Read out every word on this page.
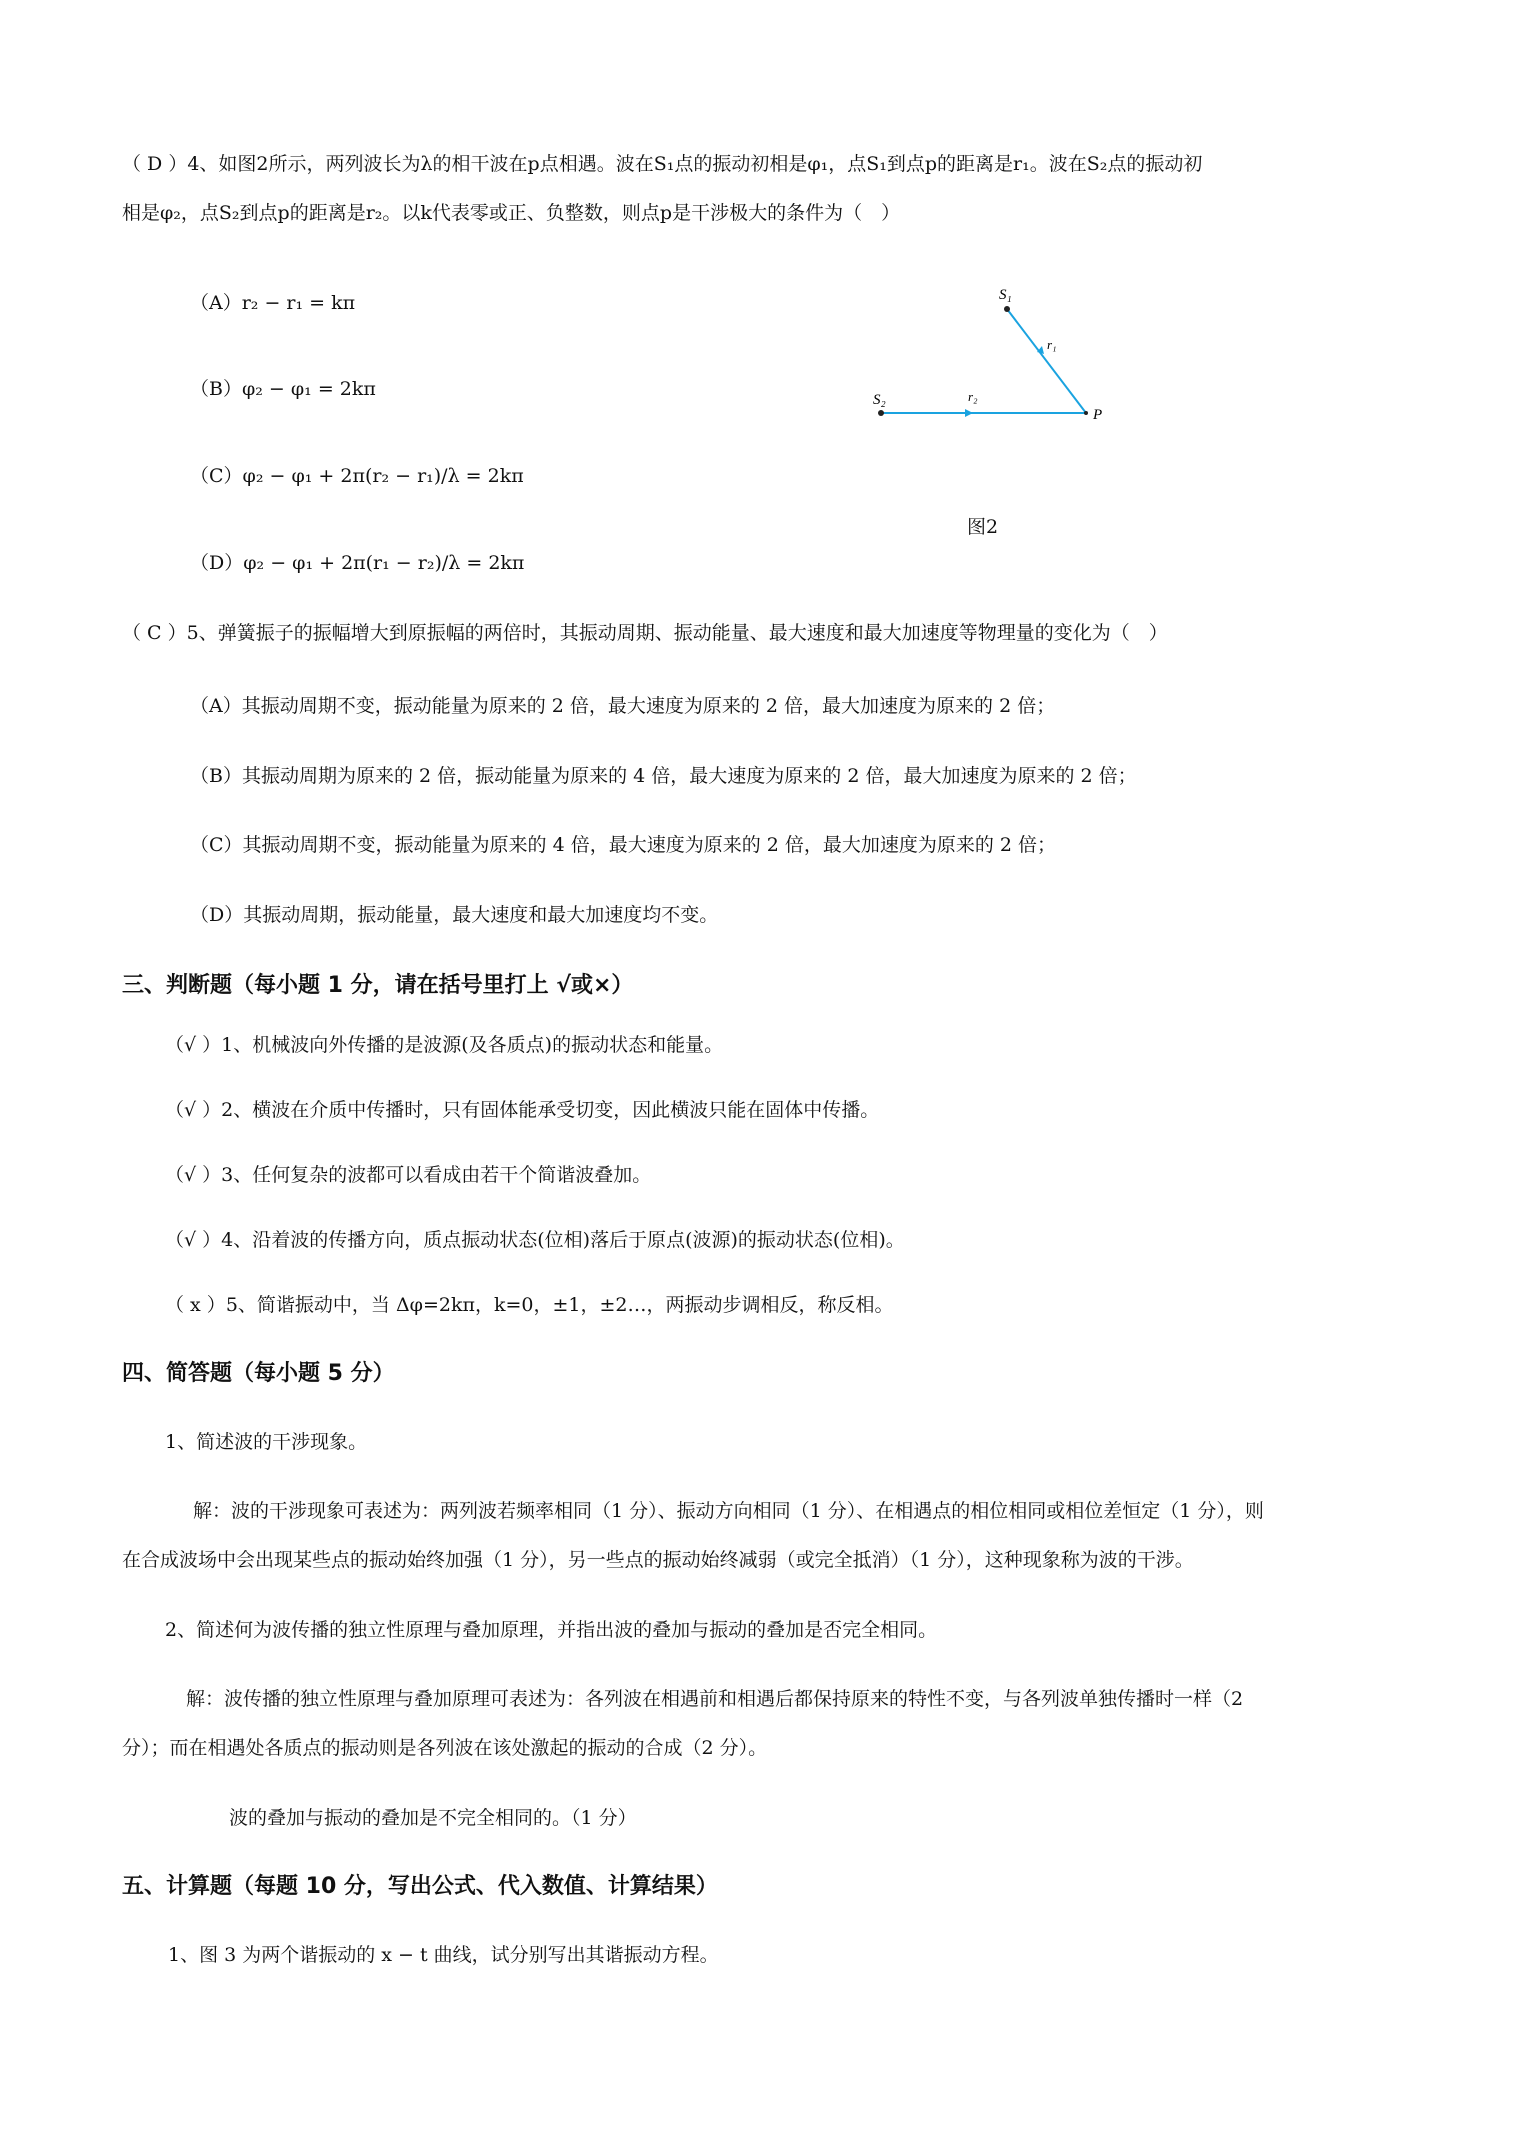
（ D ）4、如图2所示，两列波长为λ的相干波在p点相遇。波在S₁点的振动初相是φ₁，点S₁到点p的距离是r₁。波在S₂点的振动初
相是φ₂，点S₂到点p的距离是r₂。以k代表零或正、负整数，则点p是干涉极大的条件为（　）
（A）r₂ − r₁ = kπ
（B）φ₂ − φ₁ = 2kπ
（C）φ₂ − φ₁ + 2π(r₂ − r₁)/λ = 2kπ
（D）φ₂ − φ₁ + 2π(r₁ − r₂)/λ = 2kπ
S₁
S₂
P
r₁
r₂
图2
（ C ）5、弹簧振子的振幅增大到原振幅的两倍时，其振动周期、振动能量、最大速度和最大加速度等物理量的变化为（　）
（A）其振动周期不变，振动能量为原来的 2 倍，最大速度为原来的 2 倍，最大加速度为原来的 2 倍；
（B）其振动周期为原来的 2 倍，振动能量为原来的 4 倍，最大速度为原来的 2 倍，最大加速度为原来的 2 倍；
（C）其振动周期不变，振动能量为原来的 4 倍，最大速度为原来的 2 倍，最大加速度为原来的 2 倍；
（D）其振动周期，振动能量，最大速度和最大加速度均不变。
三、判断题（每小题 1 分，请在括号里打上 √或×）
（√ ）1、机械波向外传播的是波源(及各质点)的振动状态和能量。
（√ ）2、横波在介质中传播时，只有固体能承受切变，因此横波只能在固体中传播。
（√ ）3、任何复杂的波都可以看成由若干个简谐波叠加。
（√ ）4、沿着波的传播方向，质点振动状态(位相)落后于原点(波源)的振动状态(位相)。
（ x ）5、简谐振动中，当 Δφ=2kπ，k=0，±1，±2…，两振动步调相反，称反相。
四、简答题（每小题 5 分）
1、简述波的干涉现象。
解：波的干涉现象可表述为：两列波若频率相同（1 分）、振动方向相同（1 分）、在相遇点的相位相同或相位差恒定（1 分），则
在合成波场中会出现某些点的振动始终加强（1 分），另一些点的振动始终减弱（或完全抵消）（1 分），这种现象称为波的干涉。
2、简述何为波传播的独立性原理与叠加原理，并指出波的叠加与振动的叠加是否完全相同。
解：波传播的独立性原理与叠加原理可表述为：各列波在相遇前和相遇后都保持原来的特性不变，与各列波单独传播时一样（2
分）；而在相遇处各质点的振动则是各列波在该处激起的振动的合成（2 分）。
波的叠加与振动的叠加是不完全相同的。（1 分）
五、计算题（每题 10 分，写出公式、代入数值、计算结果）
1、图 3 为两个谐振动的 x − t 曲线，试分别写出其谐振动方程。
